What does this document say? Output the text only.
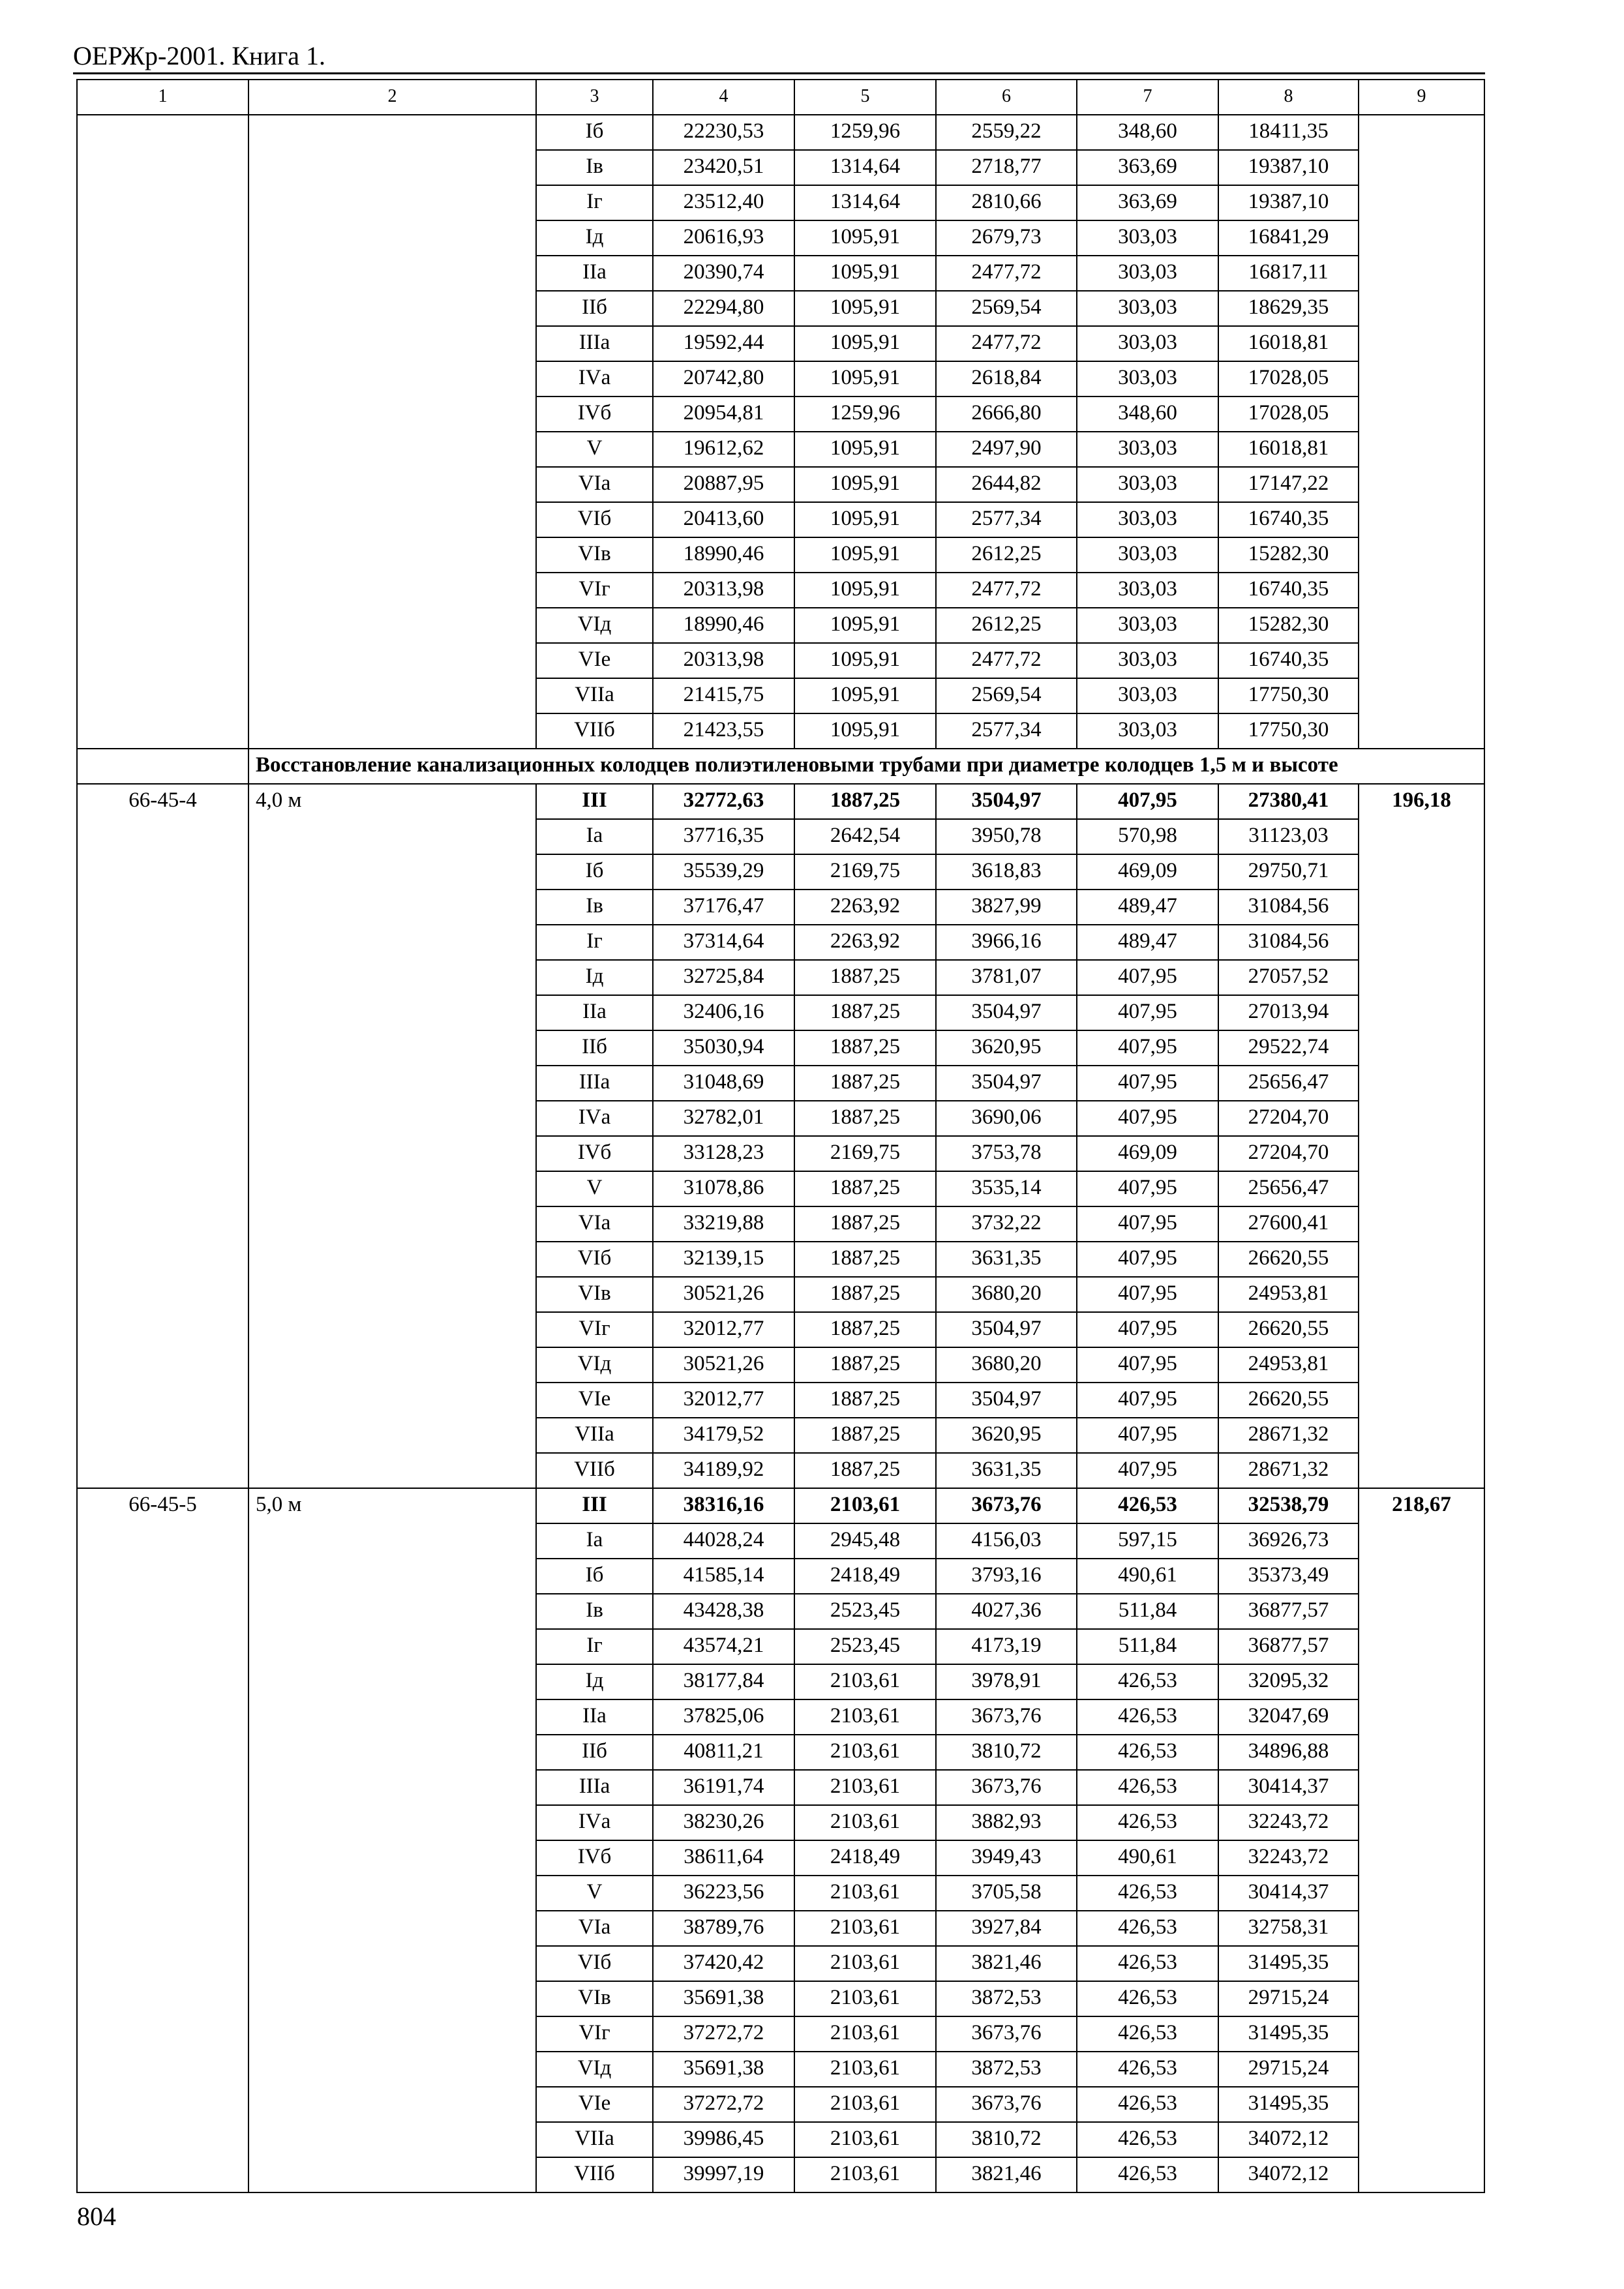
ОЕРЖр-2001. Книга 1.
1	2	3	4	5	6	7	8	9
		Iб	22230,53	1259,96	2559,22	348,60	18411,35	
		Iв	23420,51	1314,64	2718,77	363,69	19387,10	
		Iг	23512,40	1314,64	2810,66	363,69	19387,10	
		Iд	20616,93	1095,91	2679,73	303,03	16841,29	
		IIа	20390,74	1095,91	2477,72	303,03	16817,11	
		IIб	22294,80	1095,91	2569,54	303,03	18629,35	
		IIIа	19592,44	1095,91	2477,72	303,03	16018,81	
		IVа	20742,80	1095,91	2618,84	303,03	17028,05	
		IVб	20954,81	1259,96	2666,80	348,60	17028,05	
		V	19612,62	1095,91	2497,90	303,03	16018,81	
		VIа	20887,95	1095,91	2644,82	303,03	17147,22	
		VIб	20413,60	1095,91	2577,34	303,03	16740,35	
		VIв	18990,46	1095,91	2612,25	303,03	15282,30	
		VIг	20313,98	1095,91	2477,72	303,03	16740,35	
		VIд	18990,46	1095,91	2612,25	303,03	15282,30	
		VIе	20313,98	1095,91	2477,72	303,03	16740,35	
		VIIа	21415,75	1095,91	2569,54	303,03	17750,30	
		VIIб	21423,55	1095,91	2577,34	303,03	17750,30	
	Восстановление канализационных колодцев полиэтиленовыми трубами при диаметре колодцев 1,5 м и высоте							
66-45-4	4,0 м	III	32772,63	1887,25	3504,97	407,95	27380,41	196,18
		Iа	37716,35	2642,54	3950,78	570,98	31123,03	
		Iб	35539,29	2169,75	3618,83	469,09	29750,71	
		Iв	37176,47	2263,92	3827,99	489,47	31084,56	
		Iг	37314,64	2263,92	3966,16	489,47	31084,56	
		Iд	32725,84	1887,25	3781,07	407,95	27057,52	
		IIа	32406,16	1887,25	3504,97	407,95	27013,94	
		IIб	35030,94	1887,25	3620,95	407,95	29522,74	
		IIIа	31048,69	1887,25	3504,97	407,95	25656,47	
		IVа	32782,01	1887,25	3690,06	407,95	27204,70	
		IVб	33128,23	2169,75	3753,78	469,09	27204,70	
		V	31078,86	1887,25	3535,14	407,95	25656,47	
		VIа	33219,88	1887,25	3732,22	407,95	27600,41	
		VIб	32139,15	1887,25	3631,35	407,95	26620,55	
		VIв	30521,26	1887,25	3680,20	407,95	24953,81	
		VIг	32012,77	1887,25	3504,97	407,95	26620,55	
		VIд	30521,26	1887,25	3680,20	407,95	24953,81	
		VIе	32012,77	1887,25	3504,97	407,95	26620,55	
		VIIа	34179,52	1887,25	3620,95	407,95	28671,32	
		VIIб	34189,92	1887,25	3631,35	407,95	28671,32	
66-45-5	5,0 м	III	38316,16	2103,61	3673,76	426,53	32538,79	218,67
		Iа	44028,24	2945,48	4156,03	597,15	36926,73	
		Iб	41585,14	2418,49	3793,16	490,61	35373,49	
		Iв	43428,38	2523,45	4027,36	511,84	36877,57	
		Iг	43574,21	2523,45	4173,19	511,84	36877,57	
		Iд	38177,84	2103,61	3978,91	426,53	32095,32	
		IIа	37825,06	2103,61	3673,76	426,53	32047,69	
		IIб	40811,21	2103,61	3810,72	426,53	34896,88	
		IIIа	36191,74	2103,61	3673,76	426,53	30414,37	
		IVа	38230,26	2103,61	3882,93	426,53	32243,72	
		IVб	38611,64	2418,49	3949,43	490,61	32243,72	
		V	36223,56	2103,61	3705,58	426,53	30414,37	
		VIа	38789,76	2103,61	3927,84	426,53	32758,31	
		VIб	37420,42	2103,61	3821,46	426,53	31495,35	
		VIв	35691,38	2103,61	3872,53	426,53	29715,24	
		VIг	37272,72	2103,61	3673,76	426,53	31495,35	
		VIд	35691,38	2103,61	3872,53	426,53	29715,24	
		VIе	37272,72	2103,61	3673,76	426,53	31495,35	
		VIIа	39986,45	2103,61	3810,72	426,53	34072,12	
		VIIб	39997,19	2103,61	3821,46	426,53	34072,12	
804
